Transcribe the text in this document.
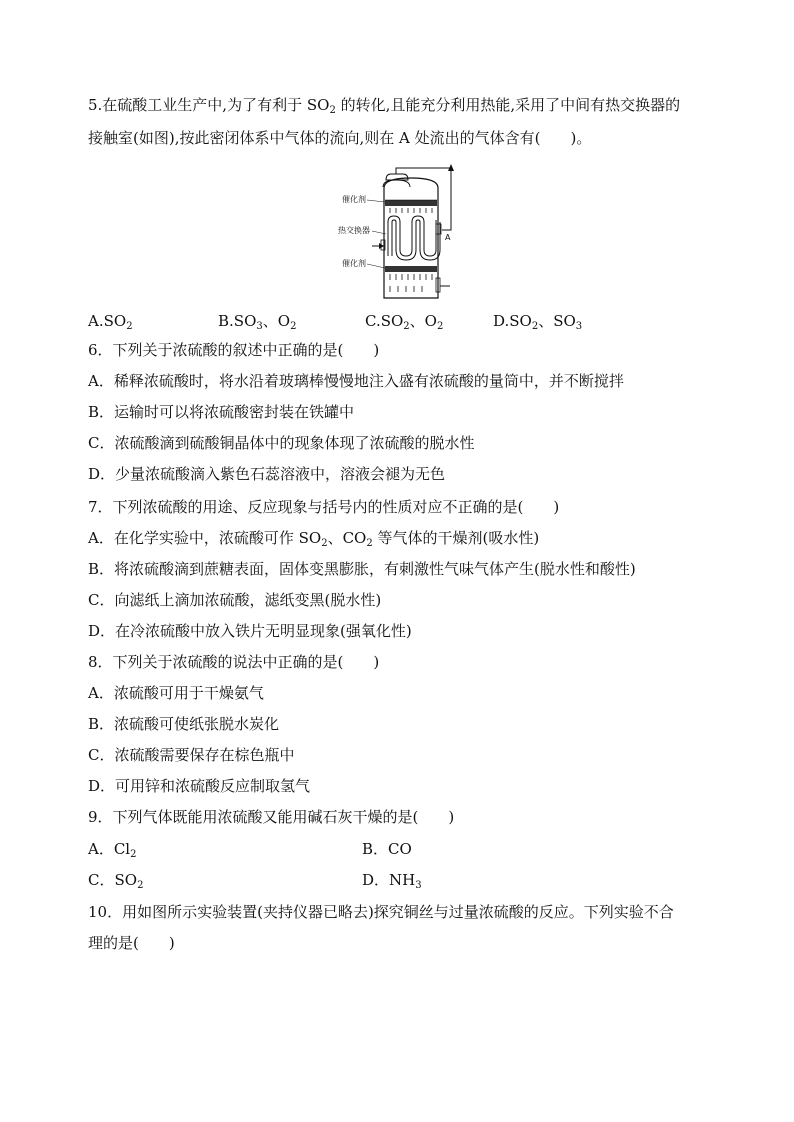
5.在硫酸工业生产中,为了有利于 $SO_2$ 的转化,且能充分利用热能,采用了中间有热交换器的
接触室(如图),按此密闭体系中气体的流向,则在 A 处流出的气体含有(　　)。
催化剂
热交换器
催化剂
A
$A.SO_2$	$B.SO_3$、$O_2$	$C.SO_2$、$O_2$	$D.SO_2$、$SO_3$
6．下列关于浓硫酸的叙述中正确的是(　　)
A．稀释浓硫酸时，将水沿着玻璃棒慢慢地注入盛有浓硫酸的量筒中，并不断搅拌
B．运输时可以将浓硫酸密封装在铁罐中
C．浓硫酸滴到硫酸铜晶体中的现象体现了浓硫酸的脱水性
D．少量浓硫酸滴入紫色石蕊溶液中，溶液会褪为无色
7．下列浓硫酸的用途、反应现象与括号内的性质对应不正确的是(　　)
A．在化学实验中，浓硫酸可作 $SO_2$、$CO_2$ 等气体的干燥剂(吸水性)
B．将浓硫酸滴到蔗糖表面，固体变黑膨胀，有刺激性气味气体产生(脱水性和酸性)
C．向滤纸上滴加浓硫酸，滤纸变黑(脱水性)
D．在冷浓硫酸中放入铁片无明显现象(强氧化性)
8．下列关于浓硫酸的说法中正确的是(　　)
A．浓硫酸可用于干燥氨气
B．浓硫酸可使纸张脱水炭化
C．浓硫酸需要保存在棕色瓶中
D．可用锌和浓硫酸反应制取氢气
9．下列气体既能用浓硫酸又能用碱石灰干燥的是(　　)
A．$Cl_2$	B．CO
C．$SO_2$	D．$NH_3$
10．用如图所示实验装置(夹持仪器已略去)探究铜丝与过量浓硫酸的反应。下列实验不合
理的是(　　)
